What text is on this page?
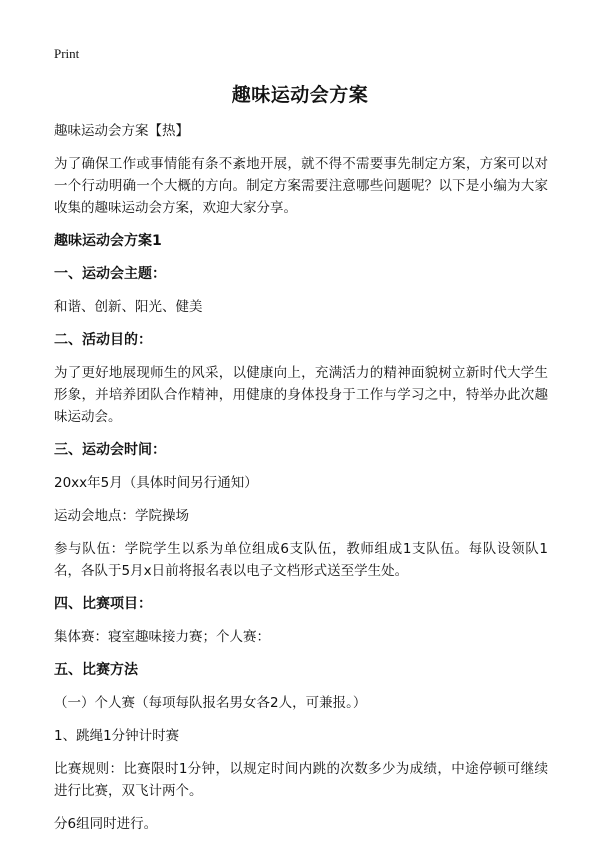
Print
趣味运动会方案
趣味运动会方案【热】
为了确保工作或事情能有条不紊地开展，就不得不需要事先制定方案，方案可以对一个行动明确一个大概的方向。制定方案需要注意哪些问题呢？以下是小编为大家收集的趣味运动会方案，欢迎大家分享。
趣味运动会方案1
一、运动会主题：
和谐、创新、阳光、健美
二、活动目的：
为了更好地展现师生的风采，以健康向上，充满活力的精神面貌树立新时代大学生形象，并培养团队合作精神，用健康的身体投身于工作与学习之中，特举办此次趣味运动会。
三、运动会时间：
20xx年5月（具体时间另行通知）
运动会地点：学院操场
参与队伍：学院学生以系为单位组成6支队伍，教师组成1支队伍。每队设领队1名，各队于5月x日前将报名表以电子文档形式送至学生处。
四、比赛项目：
集体赛：寝室趣味接力赛；个人赛：
五、比赛方法
（一）个人赛（每项每队报名男女各2人，可兼报。）
1、跳绳1分钟计时赛
比赛规则：比赛限时1分钟，以规定时间内跳的次数多少为成绩，中途停顿可继续进行比赛，双飞计两个。
分6组同时进行。
